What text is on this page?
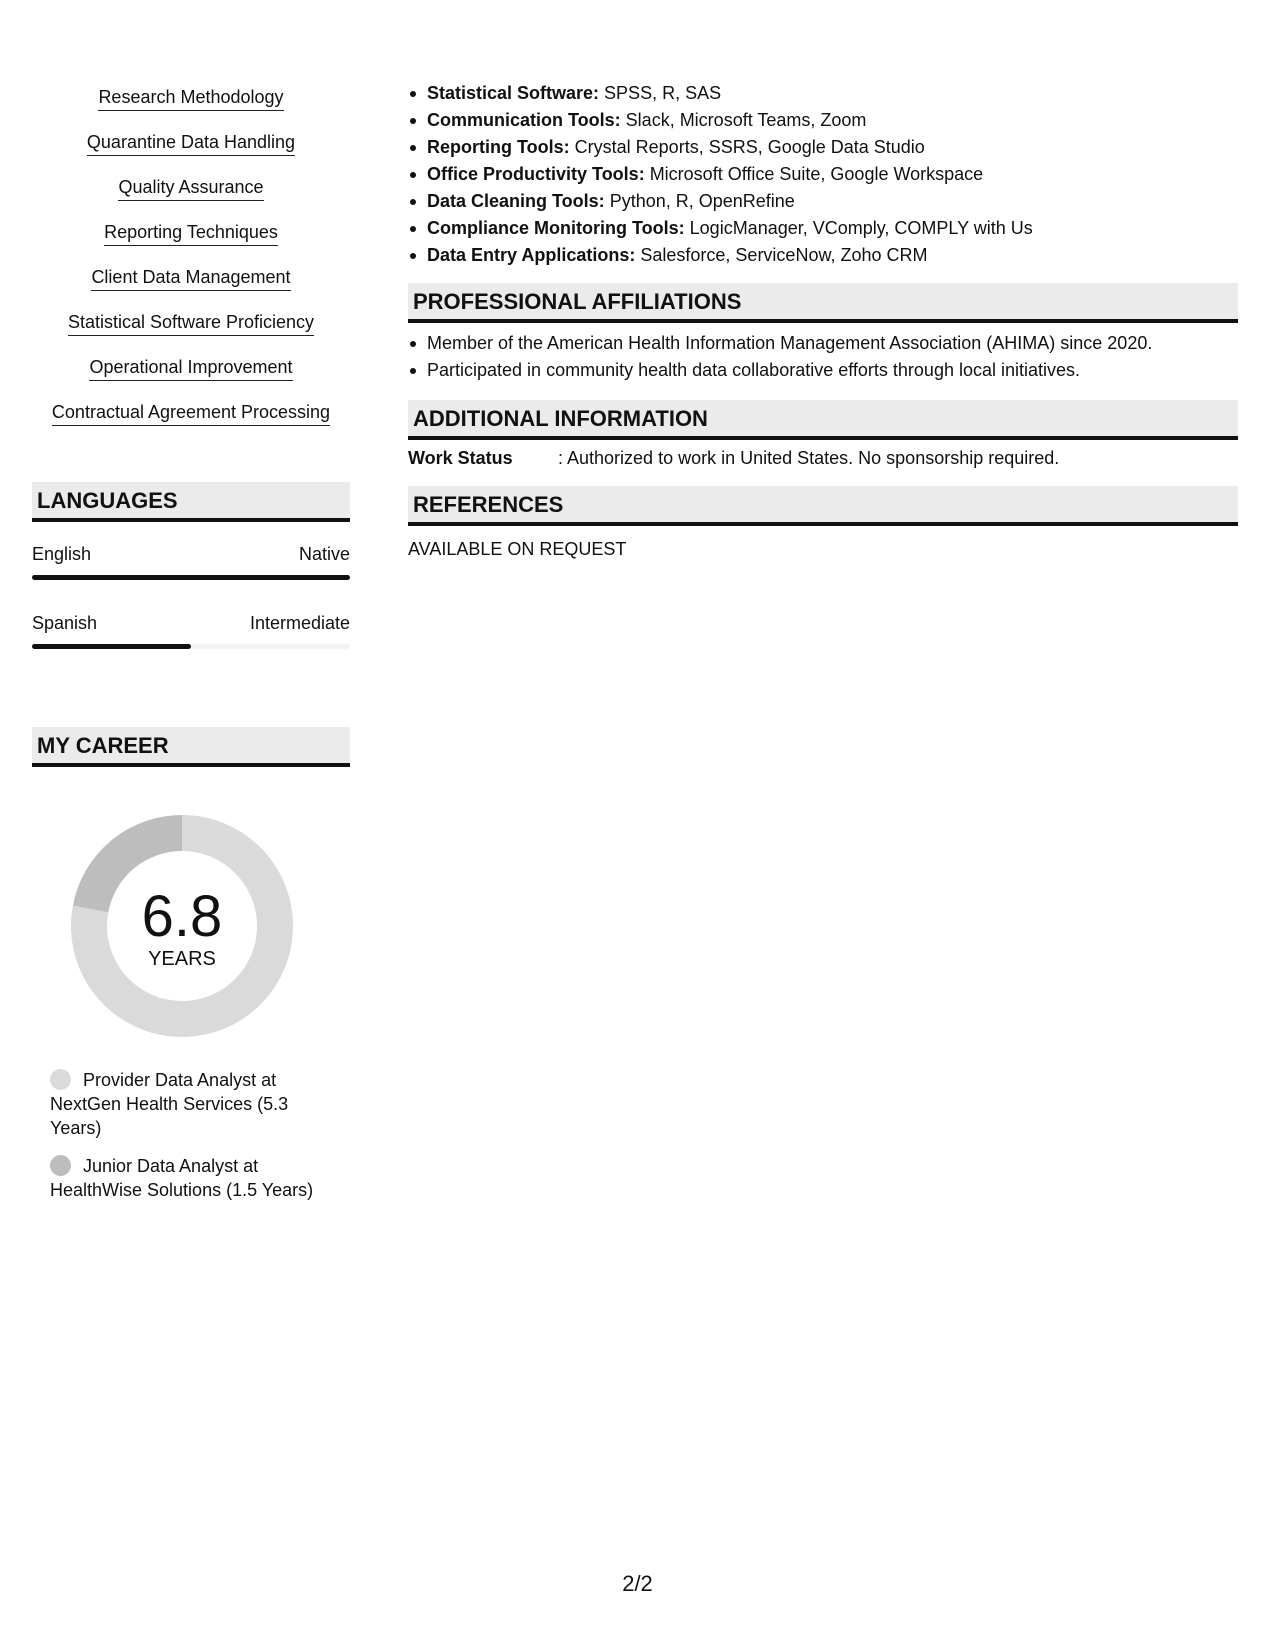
Research Methodology
Quarantine Data Handling
Quality Assurance
Reporting Techniques
Client Data Management
Statistical Software Proficiency
Operational Improvement
Contractual Agreement Processing
LANGUAGES
English	Native
Spanish	Intermediate
MY CAREER
6.8
YEARS
Provider Data Analyst at NextGen Health Services (5.3 Years)
Junior Data Analyst at HealthWise Solutions (1.5 Years)
Statistical Software: SPSS, R, SAS
Communication Tools: Slack, Microsoft Teams, Zoom
Reporting Tools: Crystal Reports, SSRS, Google Data Studio
Office Productivity Tools: Microsoft Office Suite, Google Workspace
Data Cleaning Tools: Python, R, OpenRefine
Compliance Monitoring Tools: LogicManager, VComply, COMPLY with Us
Data Entry Applications: Salesforce, ServiceNow, Zoho CRM
PROFESSIONAL AFFILIATIONS
Member of the American Health Information Management Association (AHIMA) since 2020.
Participated in community health data collaborative efforts through local initiatives.
ADDITIONAL INFORMATION
Work Status	: Authorized to work in United States. No sponsorship required.
REFERENCES
AVAILABLE ON REQUEST
2/2
